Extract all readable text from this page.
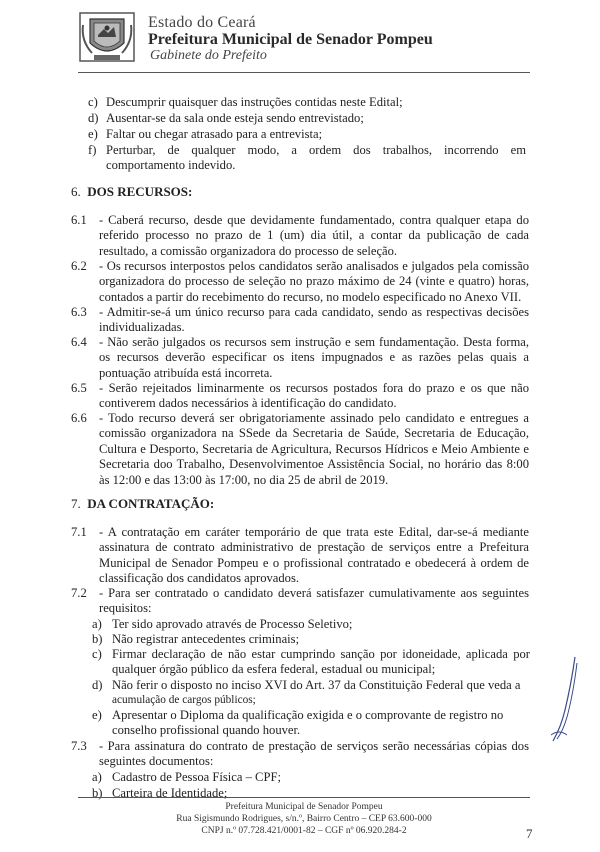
Estado do Ceará
Prefeitura Municipal de Senador Pompeu
Gabinete do Prefeito
c) Descumprir quaisquer das instruções contidas neste Edital;
d) Ausentar-se da sala onde esteja sendo entrevistado;
e) Faltar ou chegar atrasado para a entrevista;
f) Perturbar, de qualquer modo, a ordem dos trabalhos, incorrendo em comportamento indevido.
6. DOS RECURSOS:
6.1 - Caberá recurso, desde que devidamente fundamentado, contra qualquer etapa do referido processo no prazo de 1 (um) dia útil, a contar da publicação de cada resultado, a comissão organizadora do processo de seleção.
6.2 - Os recursos interpostos pelos candidatos serão analisados e julgados pela comissão organizadora do processo de seleção no prazo máximo de 24 (vinte e quatro) horas, contados a partir do recebimento do recurso, no modelo especificado no Anexo VII.
6.3 - Admitir-se-á um único recurso para cada candidato, sendo as respectivas decisões individualizadas.
6.4 - Não serão julgados os recursos sem instrução e sem fundamentação. Desta forma, os recursos deverão especificar os itens impugnados e as razões pelas quais a pontuação atribuída está incorreta.
6.5 - Serão rejeitados liminarmente os recursos postados fora do prazo e os que não contiverem dados necessários à identificação do candidato.
6.6 - Todo recurso deverá ser obrigatoriamente assinado pelo candidato e entregues a comissão organizadora na SSede da Secretaria de Saúde, Secretaria de Educação, Cultura e Desporto, Secretaria de Agricultura, Recursos Hídricos e Meio Ambiente e Secretaria doo Trabalho, Desenvolvimentoe Assistência Social, no horário das 8:00 às 12:00 e das 13:00 às 17:00, no dia 25 de abril de 2019.
7. DA CONTRATAÇÃO:
7.1 - A contratação em caráter temporário de que trata este Edital, dar-se-á mediante assinatura de contrato administrativo de prestação de serviços entre a Prefeitura Municipal de Senador Pompeu e o profissional contratado e obedecerá à ordem de classificação dos candidatos aprovados.
7.2 - Para ser contratado o candidato deverá satisfazer cumulativamente aos seguintes requisitos:
a) Ter sido aprovado através de Processo Seletivo;
b) Não registrar antecedentes criminais;
c) Firmar declaração de não estar cumprindo sanção por idoneidade, aplicada por qualquer órgão público da esfera federal, estadual ou municipal;
d) Não ferir o disposto no inciso XVI do Art. 37 da Constituição Federal que veda a
acumulação de cargos públicos;
e) Apresentar o Diploma da qualificação exigida e o comprovante de registro no
conselho profissional quando houver.
7.3 - Para assinatura do contrato de prestação de serviços serão necessárias cópias dos seguintes documentos:
a) Cadastro de Pessoa Física – CPF;
b) Carteira de Identidade;
Prefeitura Municipal de Senador Pompeu
Rua Sigismundo Rodrigues, s/n.º, Bairro Centro – CEP 63.600-000
CNPJ n.º 07.728.421/0001-82 – CGF nº 06.920.284-2	7
